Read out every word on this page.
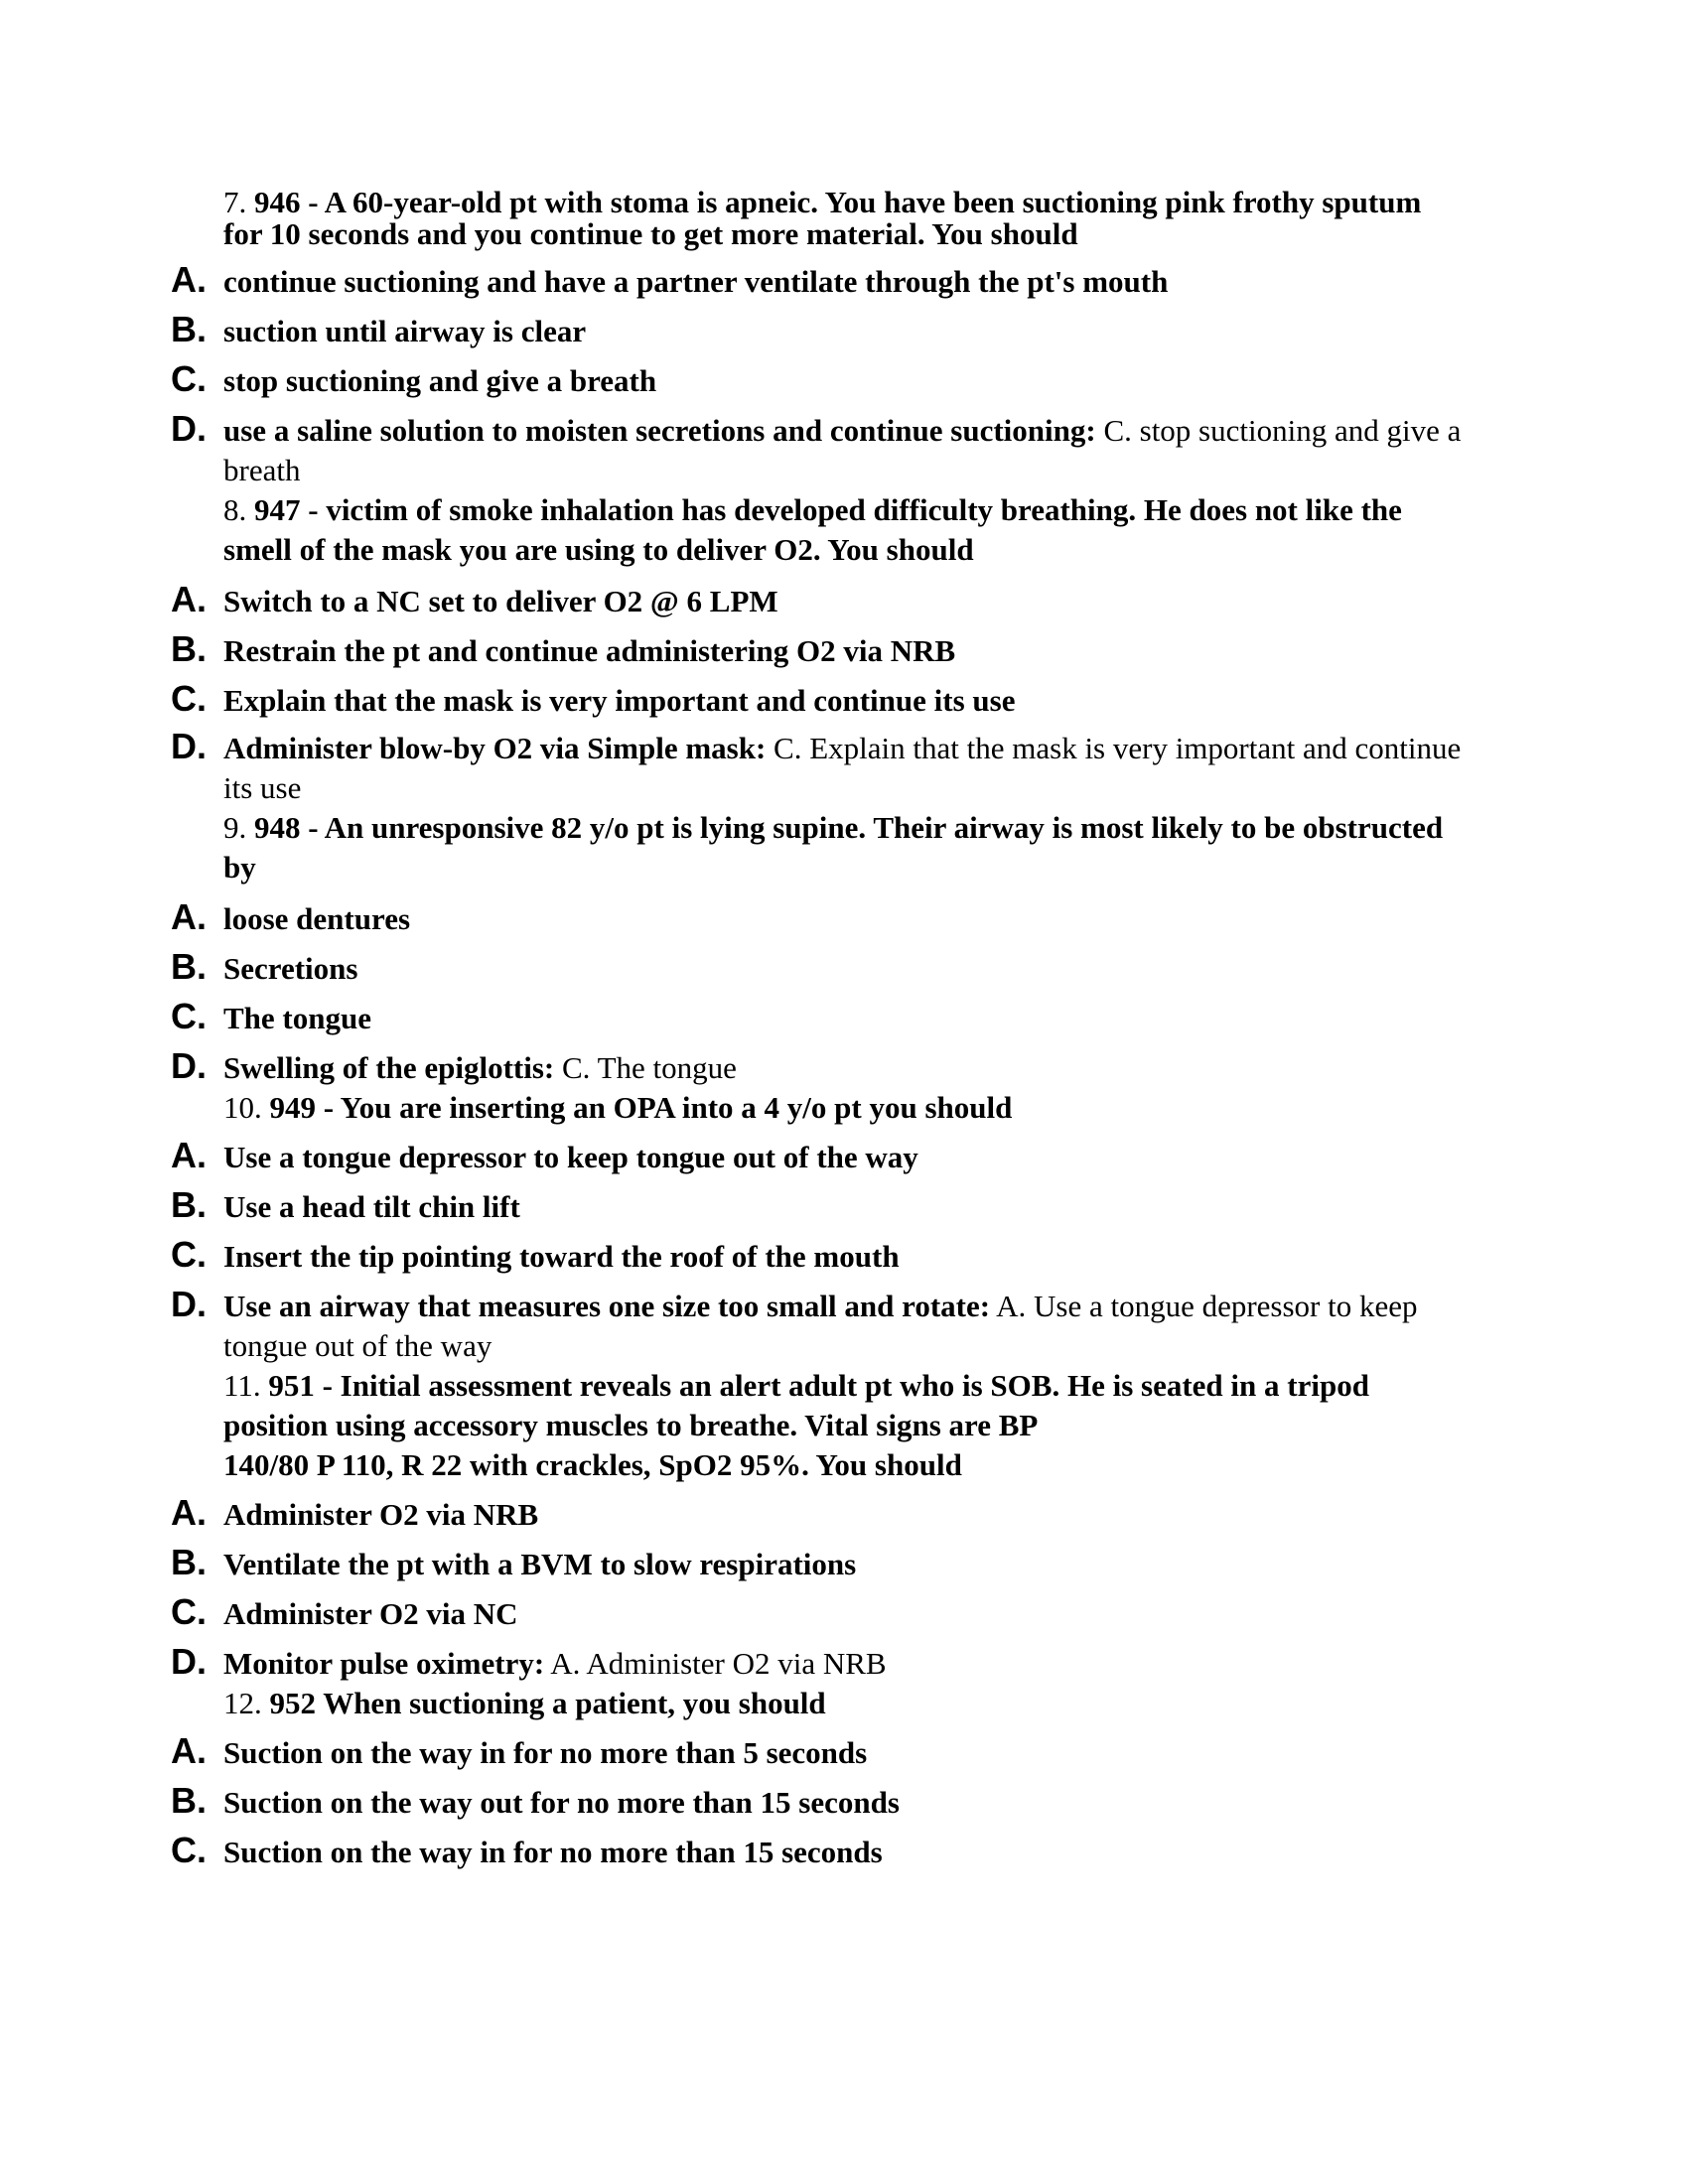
7. 946 - A 60-year-old pt with stoma is apneic. You have been suctioning pink frothy sputum for 10 seconds and you continue to get more material. You should
A. continue suctioning and have a partner ventilate through the pt's mouth
B. suction until airway is clear
C. stop suctioning and give a breath
D. use a saline solution to moisten secretions and continue suctioning: C. stop suctioning and give a breath
8. 947 - victim of smoke inhalation has developed difficulty breathing. He does not like the smell of the mask you are using to deliver O2. You should
A. Switch to a NC set to deliver O2 @ 6 LPM
B. Restrain the pt and continue administering O2 via NRB
C. Explain that the mask is very important and continue its use
D. Administer blow-by O2 via Simple mask: C. Explain that the mask is very important and continue its use
9. 948 - An unresponsive 82 y/o pt is lying supine. Their airway is most likely to be obstructed by
A. loose dentures
B. Secretions
C. The tongue
D. Swelling of the epiglottis: C. The tongue
10. 949 - You are inserting an OPA into a 4 y/o pt you should
A. Use a tongue depressor to keep tongue out of the way
B. Use a head tilt chin lift
C. Insert the tip pointing toward the roof of the mouth
D. Use an airway that measures one size too small and rotate: A. Use a tongue depressor to keep tongue out of the way
11. 951 - Initial assessment reveals an alert adult pt who is SOB. He is seated in a tripod position using accessory muscles to breathe. Vital signs are BP
140/80 P 110, R 22 with crackles, SpO2 95%. You should
A. Administer O2 via NRB
B. Ventilate the pt with a BVM to slow respirations
C. Administer O2 via NC
D. Monitor pulse oximetry: A. Administer O2 via NRB
12. 952 When suctioning a patient, you should
A. Suction on the way in for no more than 5 seconds
B. Suction on the way out for no more than 15 seconds
C. Suction on the way in for no more than 15 seconds
